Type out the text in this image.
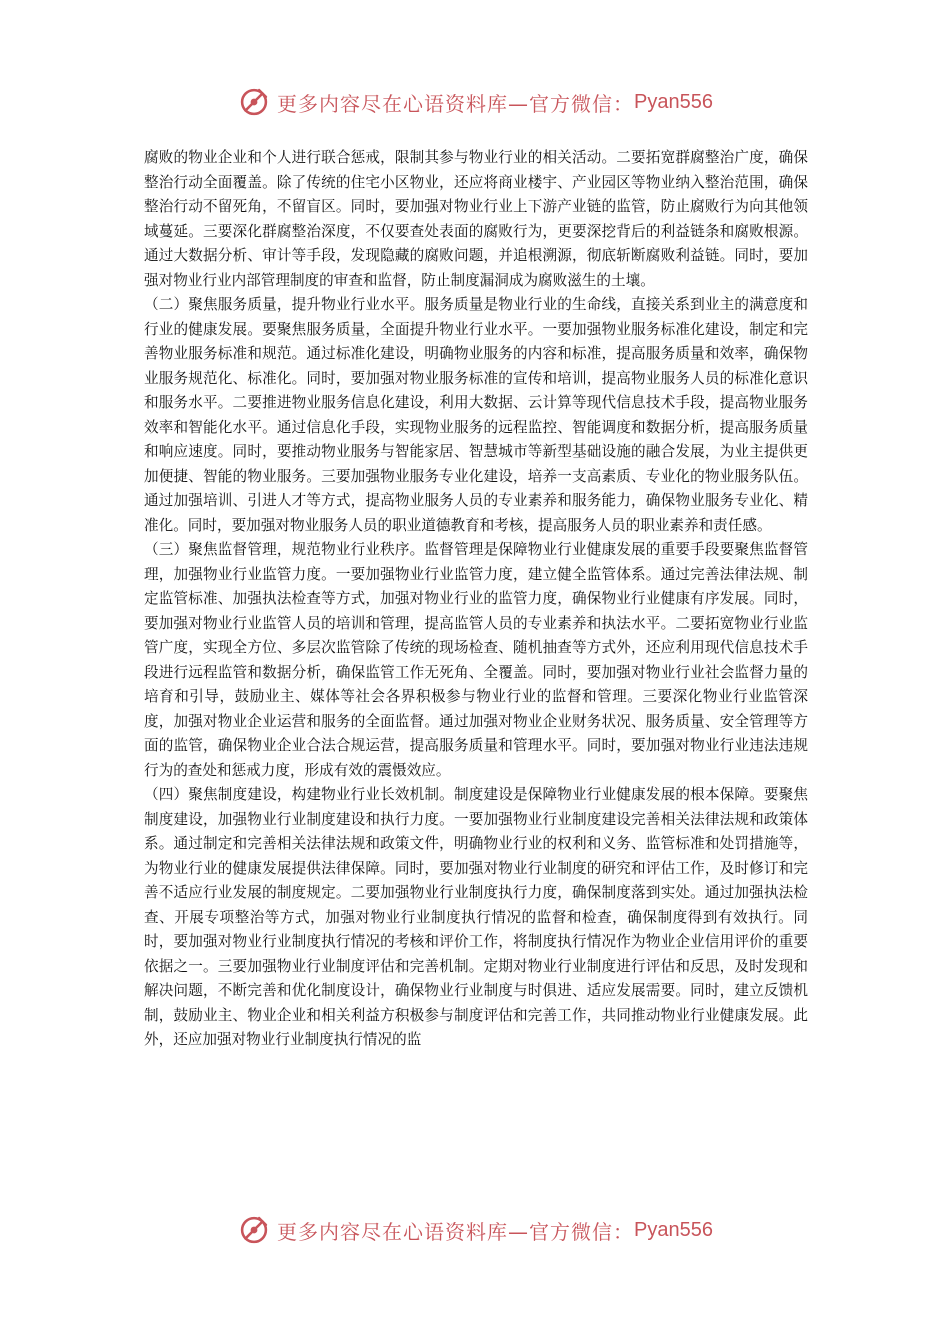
更多内容尽在心语资料库—官方微信： Pyan556

腐败的物业企业和个人进行联合惩戒，限制其参与物业行业的相关活动。二要拓宽群腐整治广度，确保整治行动全面覆盖。除了传统的住宅小区物业，还应将商业楼宇、产业园区等物业纳入整治范围，确保整治行动不留死角，不留盲区。同时，要加强对物业行业上下游产业链的监管，防止腐败行为向其他领域蔓延。三要深化群腐整治深度，不仅要查处表面的腐败行为，更要深挖背后的利益链条和腐败根源。通过大数据分析、审计等手段，发现隐藏的腐败问题，并追根溯源，彻底斩断腐败利益链。同时，要加强对物业行业内部管理制度的审查和监督，防止制度漏洞成为腐败滋生的土壤。

（二）聚焦服务质量，提升物业行业水平。服务质量是物业行业的生命线，直接关系到业主的满意度和行业的健康发展。要聚焦服务质量，全面提升物业行业水平。一要加强物业服务标准化建设，制定和完善物业服务标准和规范。通过标准化建设，明确物业服务的内容和标准，提高服务质量和效率，确保物业服务规范化、标准化。同时，要加强对物业服务标准的宣传和培训，提高物业服务人员的标准化意识和服务水平。二要推进物业服务信息化建设，利用大数据、云计算等现代信息技术手段，提高物业服务效率和智能化水平。通过信息化手段，实现物业服务的远程监控、智能调度和数据分析，提高服务质量和响应速度。同时，要推动物业服务与智能家居、智慧城市等新型基础设施的融合发展，为业主提供更加便捷、智能的物业服务。三要加强物业服务专业化建设，培养一支高素质、专业化的物业服务队伍。通过加强培训、引进人才等方式，提高物业服务人员的专业素养和服务能力，确保物业服务专业化、精准化。同时，要加强对物业服务人员的职业道德教育和考核，提高服务人员的职业素养和责任感。

（三）聚焦监督管理，规范物业行业秩序。监督管理是保障物业行业健康发展的重要手段要聚焦监督管理，加强物业行业监管力度。一要加强物业行业监管力度，建立健全监管体系。通过完善法律法规、制定监管标准、加强执法检查等方式，加强对物业行业的监管力度，确保物业行业健康有序发展。同时，要加强对物业行业监管人员的培训和管理，提高监管人员的专业素养和执法水平。二要拓宽物业行业监管广度，实现全方位、多层次监管除了传统的现场检查、随机抽查等方式外，还应利用现代信息技术手段进行远程监管和数据分析，确保监管工作无死角、全覆盖。同时，要加强对物业行业社会监督力量的培育和引导，鼓励业主、媒体等社会各界积极参与物业行业的监督和管理。三要深化物业行业监管深度，加强对物业企业运营和服务的全面监督。通过加强对物业企业财务状况、服务质量、安全管理等方面的监管，确保物业企业合法合规运营，提高服务质量和管理水平。同时，要加强对物业行业违法违规行为的查处和惩戒力度，形成有效的震慑效应。

（四）聚焦制度建设，构建物业行业长效机制。制度建设是保障物业行业健康发展的根本保障。要聚焦制度建设，加强物业行业制度建设和执行力度。一要加强物业行业制度建设完善相关法律法规和政策体系。通过制定和完善相关法律法规和政策文件，明确物业行业的权利和义务、监管标准和处罚措施等，为物业行业的健康发展提供法律保障。同时，要加强对物业行业制度的研究和评估工作，及时修订和完善不适应行业发展的制度规定。二要加强物业行业制度执行力度，确保制度落到实处。通过加强执法检查、开展专项整治等方式，加强对物业行业制度执行情况的监督和检查，确保制度得到有效执行。同时，要加强对物业行业制度执行情况的考核和评价工作，将制度执行情况作为物业企业信用评价的重要依据之一。三要加强物业行业制度评估和完善机制。定期对物业行业制度进行评估和反思，及时发现和解决问题，不断完善和优化制度设计，确保物业行业制度与时俱进、适应发展需要。同时，建立反馈机制，鼓励业主、物业企业和相关利益方积极参与制度评估和完善工作，共同推动物业行业健康发展。此外，还应加强对物业行业制度执行情况的监

更多内容尽在心语资料库—官方微信： Pyan556
